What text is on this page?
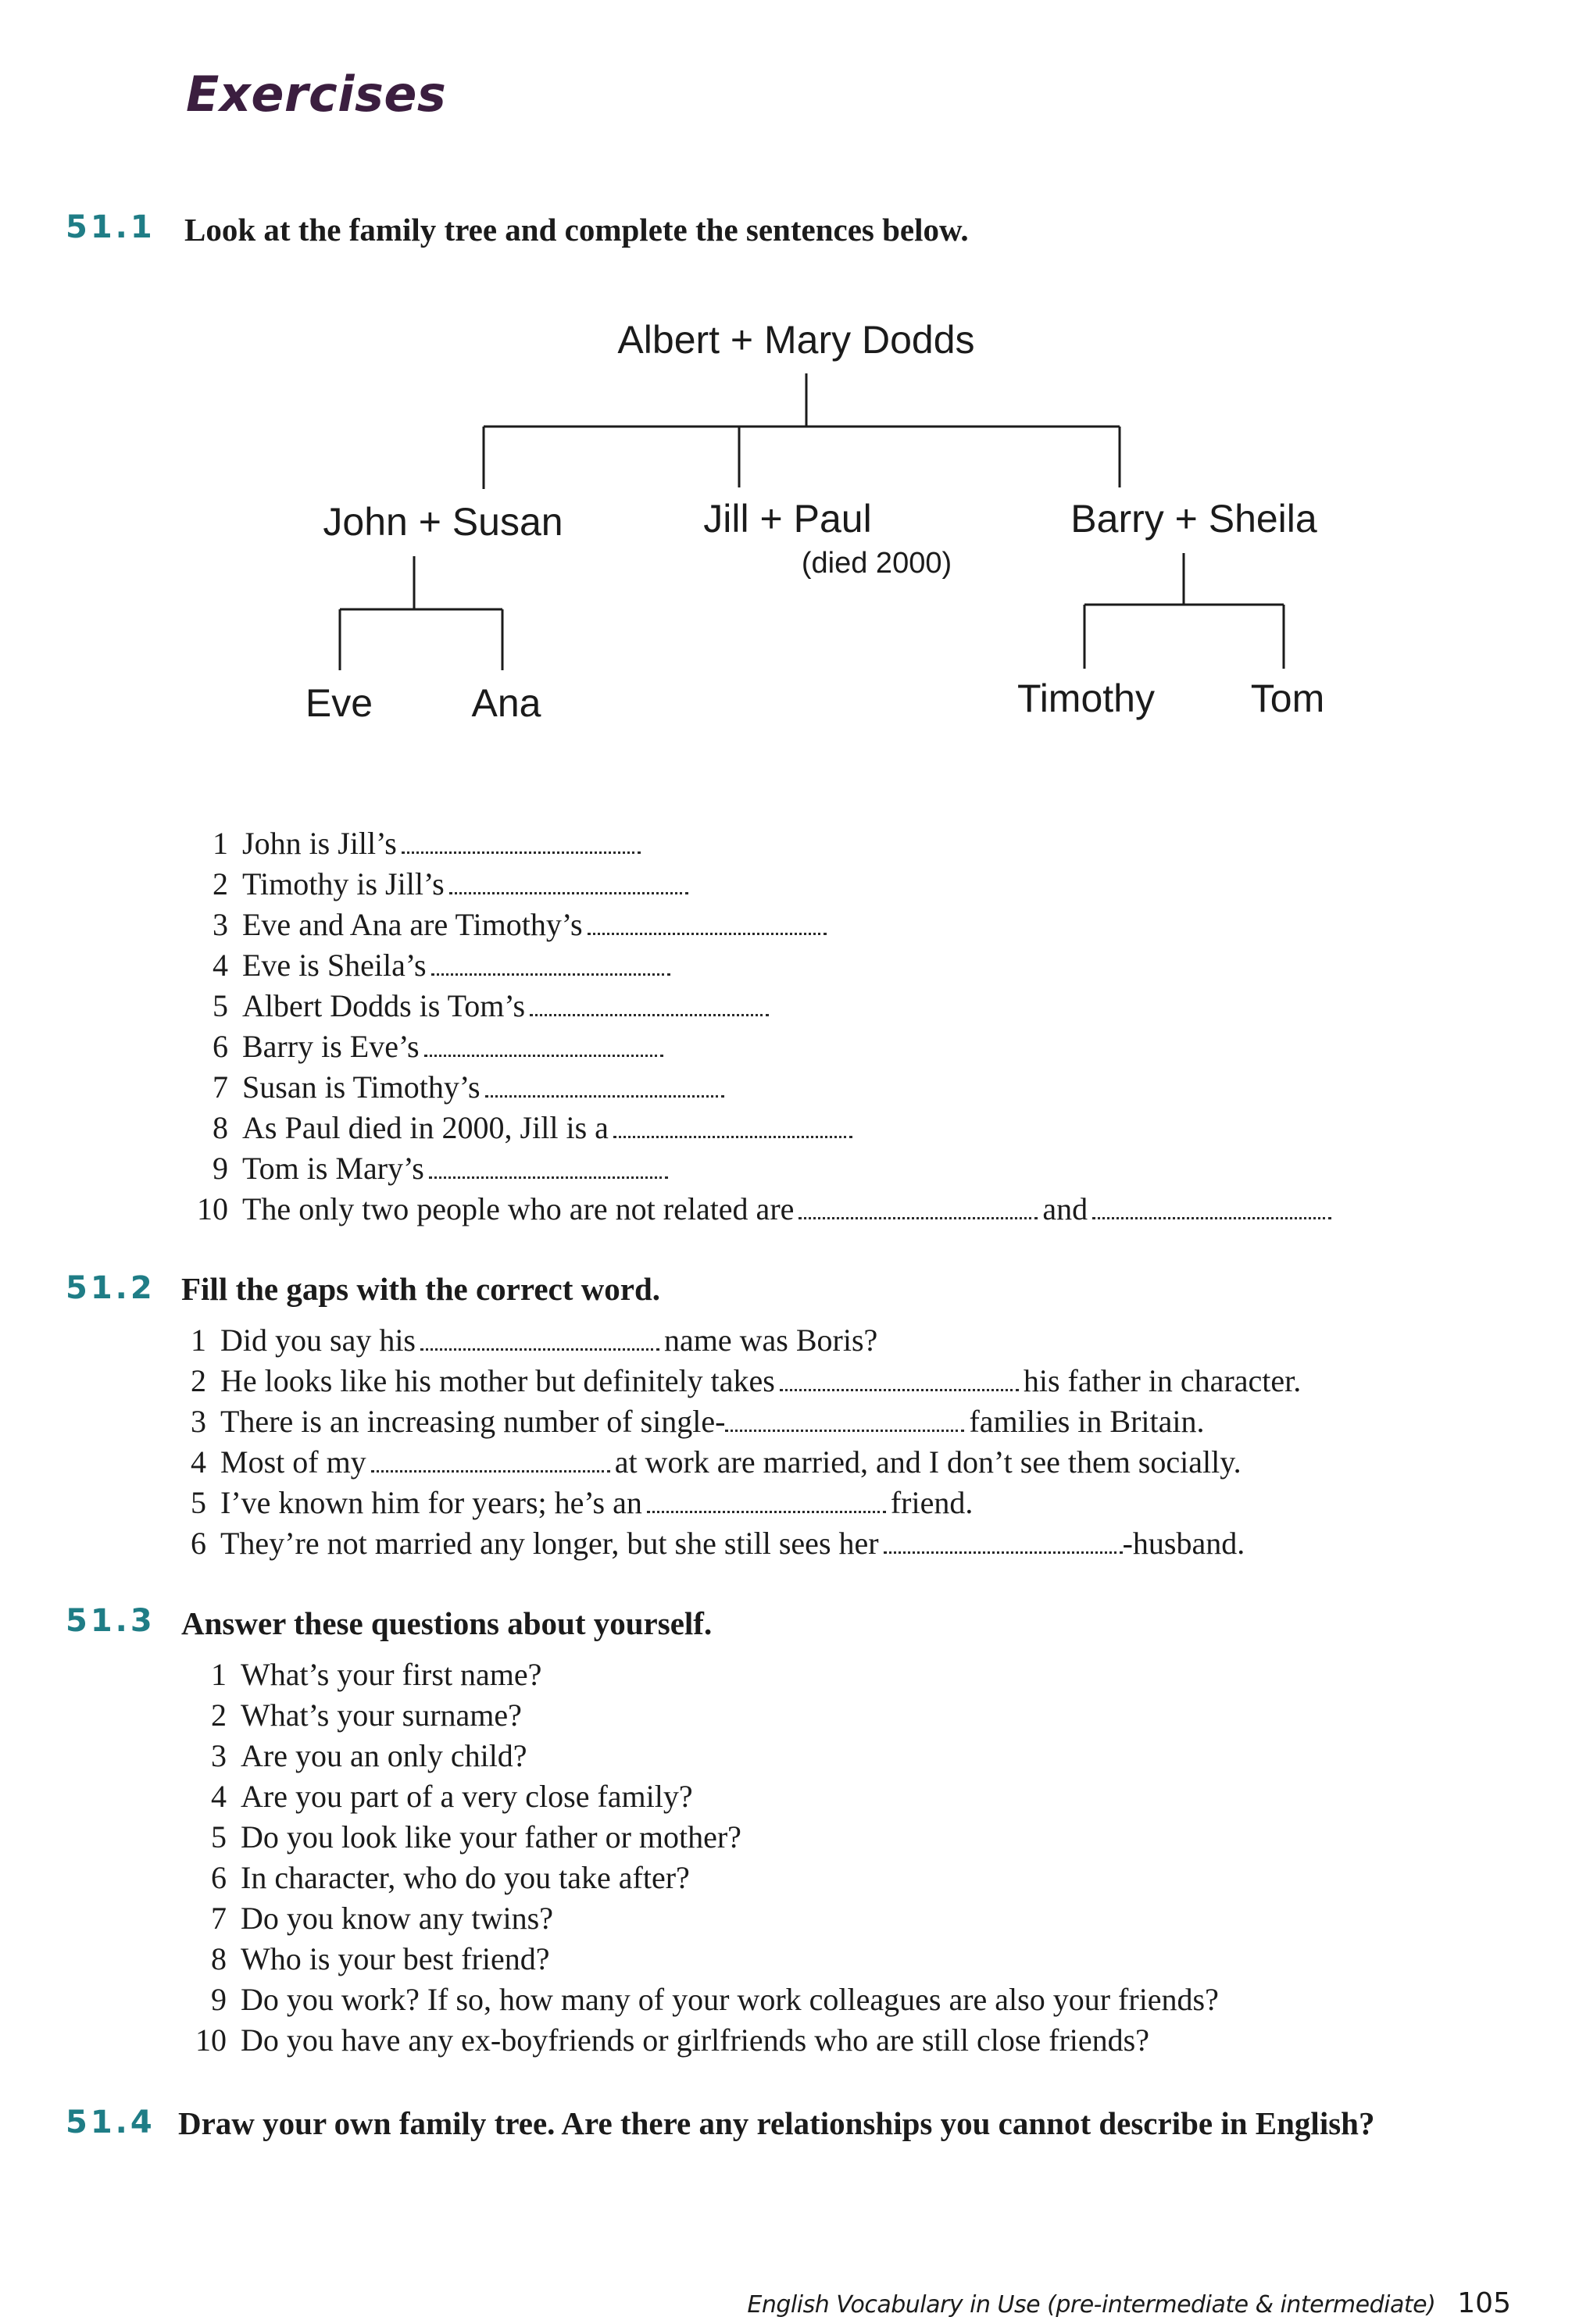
Exercises
51.1 Look at the family tree and complete the sentences below.
Albert + Mary Dodds
John + Susan	Jill + Paul
(died 2000)
Barry + Sheila
Eve	Ana	Timothy Tom
1 John is Jill’s
2 Timothy is Jill’s
3 Eve and Ana are Timothy’s
4 Eve is Sheila’s
5 Albert Dodds is Tom’s
6 Barry is Eve’s
7 Susan is Timothy’s
8 As Paul died in 2000, Jill is a
9 Tom is Mary’s
10 The only two people who are not related are	and
51.2 Fill the gaps with the correct word.
1 Did you say his	name was Boris?
2 He looks like his mother but definitely takes	his father in character.
3 There is an increasing number of single-	families in Britain.
4 Most of my	at work are married, and I don’t see them socially.
5 I’ve known him for years; he’s an	friend.
6 They’re not married any longer, but she still sees her	-husband.
51.3 Answer these questions about yourself.
1 What’s your first name?
2 What’s your surname?
3 Are you an only child?
4 Are you part of a very close family?
5 Do you look like your father or mother?
6 In character, who do you take after?
7 Do you know any twins?
8 Who is your best friend?
9 Do you work? If so, how many of your work colleagues are also your friends?
10 Do you have any ex-boyfriends or girlfriends who are still close friends?
51.4 Draw your own family tree. Are there any relationships you cannot describe in English?
English Vocabulary in Use (pre-intermediate & intermediate) 105
